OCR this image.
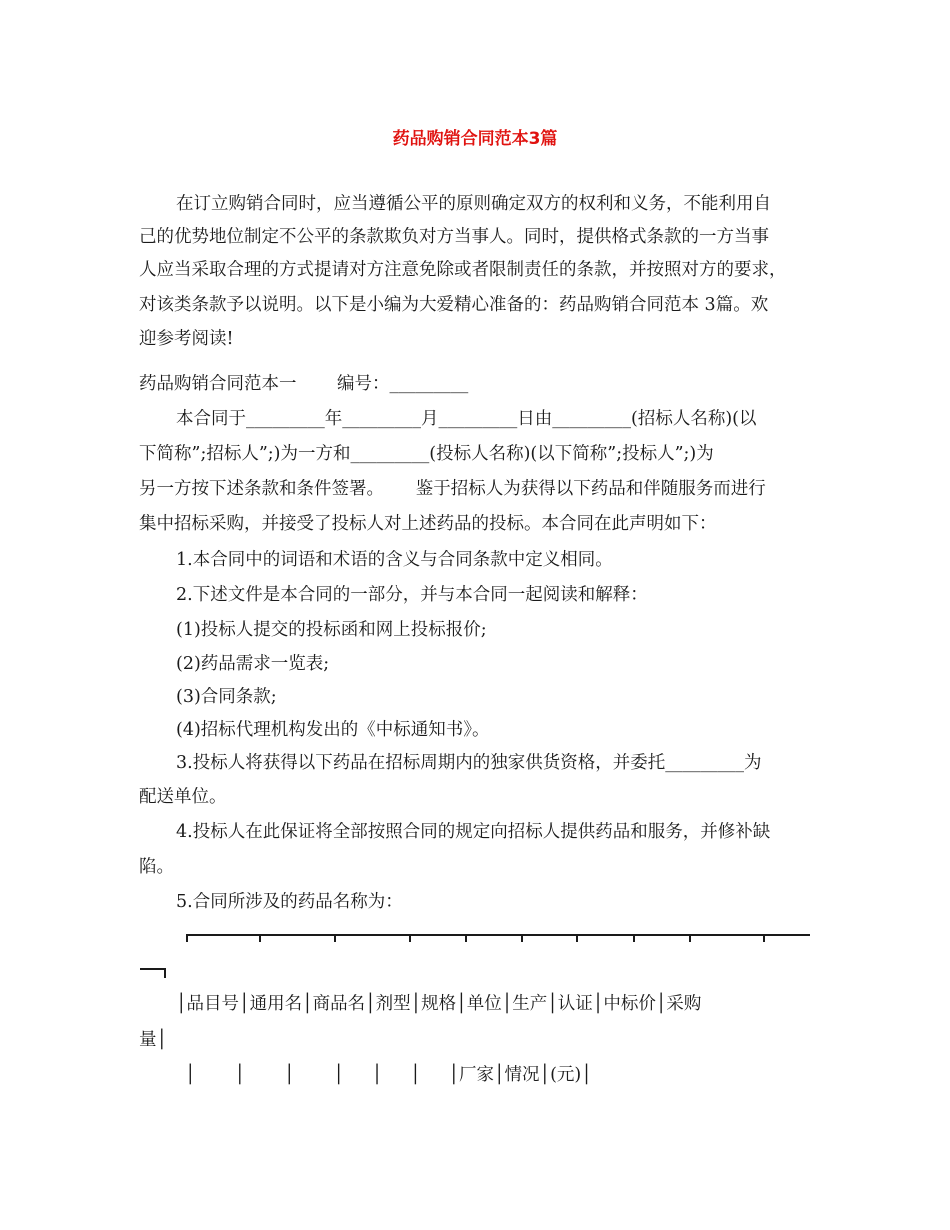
药品购销合同范本3篇
在订立购销合同时，应当遵循公平的原则确定双方的权利和义务，不能利用自
己的优势地位制定不公平的条款欺负对方当事人。同时，提供格式条款的一方当事
人应当采取合理的方式提请对方注意免除或者限制责任的条款，并按照对方的要求，
对该类条款予以说明。以下是小编为大爱精心准备的：药品购销合同范本 3篇。欢
迎参考阅读!
药品购销合同范本一　　 编号：_________
本合同于_________年_________月_________日由_________(招标人名称)(以
下简称”;招标人”;)为一方和_________(投标人名称)(以下简称”;投标人”;)为
另一方按下述条款和条件签署。　　 鉴于招标人为获得以下药品和伴随服务而进行
集中招标采购，并接受了投标人对上述药品的投标。本合同在此声明如下：
1.本合同中的词语和术语的含义与合同条款中定义相同。
2.下述文件是本合同的一部分，并与本合同一起阅读和解释：
(1)投标人提交的投标函和网上投标报价;
(2)药品需求一览表;
(3)合同条款;
(4)招标代理机构发出的《中标通知书》。
3.投标人将获得以下药品在招标周期内的独家供货资格，并委托_________为
配送单位。
4.投标人在此保证将全部按照合同的规定向招标人提供药品和服务，并修补缺
陷。
5.合同所涉及的药品名称为：
│品目号│通用名│商品名│剂型│规格│单位│生产│认证│中标价│采购
量│
│       │       │       │     │     │     │厂家│情况│(元)│
